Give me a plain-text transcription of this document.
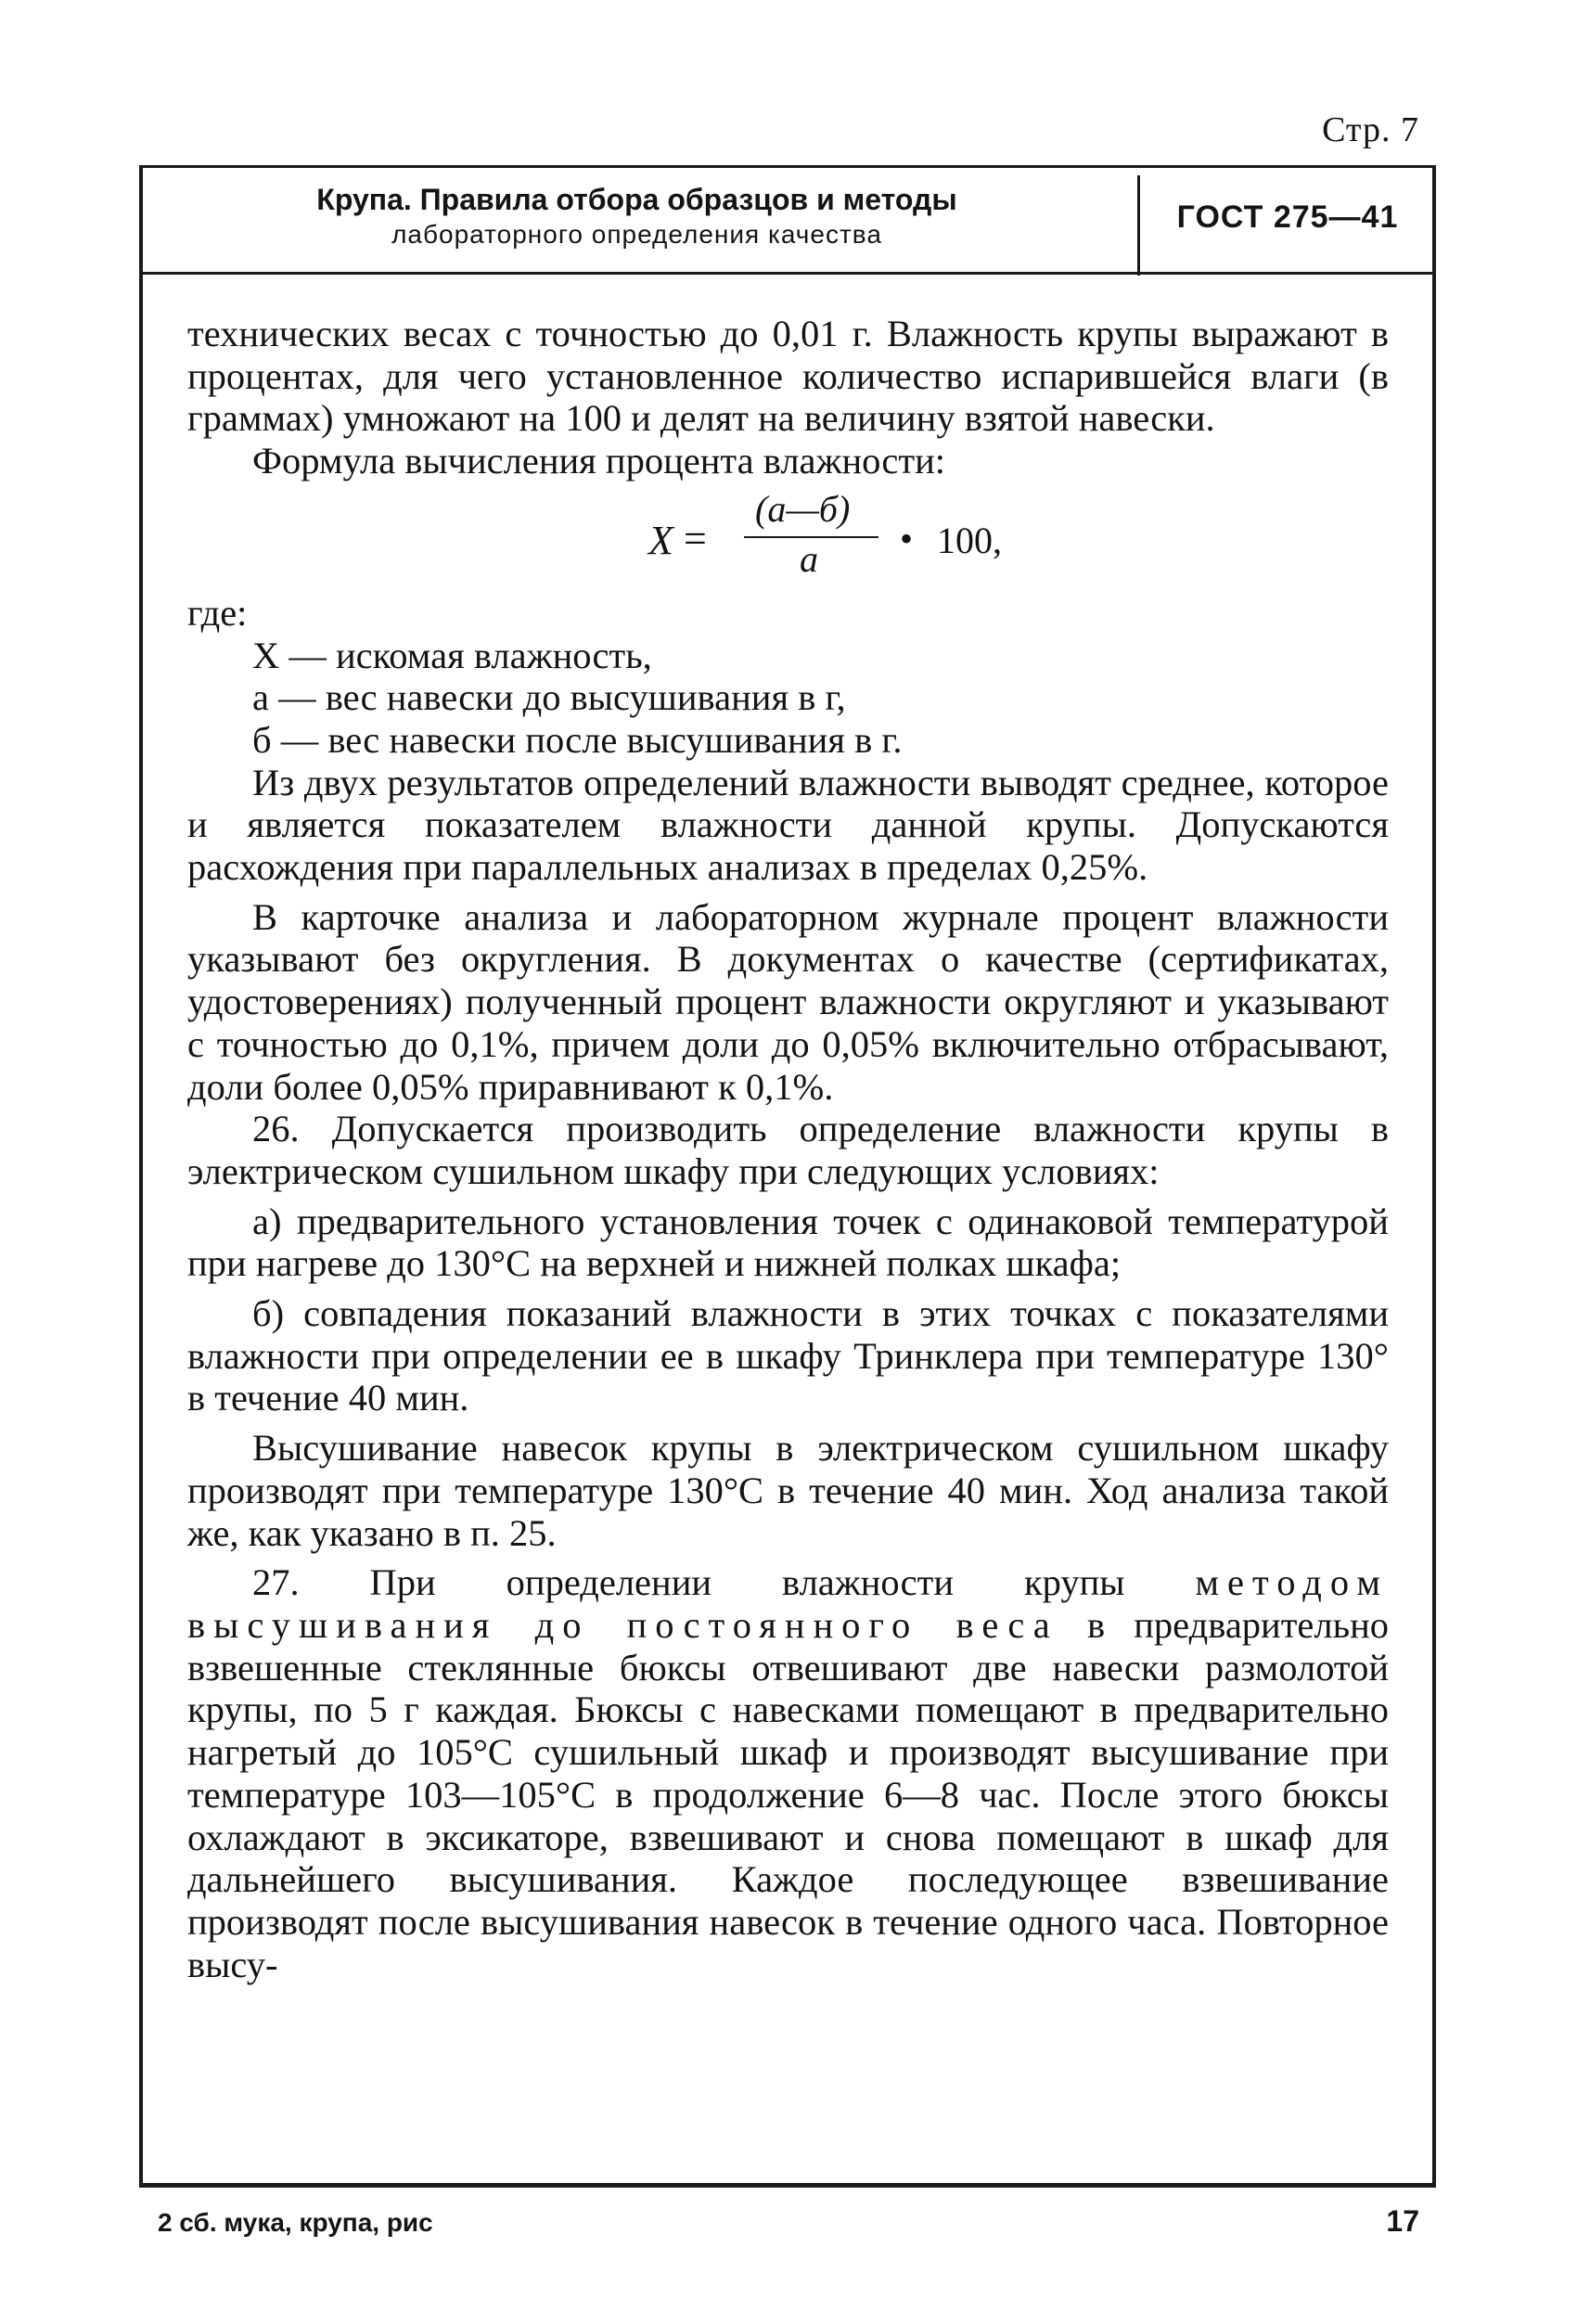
Стр. 7
Крупа. Правила отбора образцов и методы
лабораторного определения качества	ГОСТ 275—41

технических весах с точностью до 0,01 г. Влажность крупы выражают в процентах, для чего установленное количество испарившейся влаги (в граммах) умножают на 100 и делят на величину взятой навески.

Формула вычисления процента влажности:

X =
(а—б)
а • 100,

где:

X — искомая влажность,

а — вес навески до высушивания в г,

б — вес навески после высушивания в г.

Из двух результатов определений влажности выводят среднее, которое и является показателем влажности данной крупы. Допускаются расхождения при параллельных анализах в пределах 0,25%.

В карточке анализа и лабораторном журнале процент влажности указывают без округления. В документах о качестве (сертификатах, удостоверениях) полученный процент влажности округляют и указывают с точностью до 0,1%, причем доли до 0,05% включительно отбрасывают, доли более 0,05% приравнивают к 0,1%.

26. Допускается производить определение влажности крупы в электрическом сушильном шкафу при следующих условиях:

а) предварительного установления точек с одинаковой температурой при нагреве до 130°С на верхней и нижней полках шкафа;

б) совпадения показаний влажности в этих точках с показателями влажности при определении ее в шкафу Тринклера при температуре 130° в течение 40 мин.

Высушивание навесок крупы в электрическом сушильном шкафу производят при температуре 130°С в течение 40 мин. Ход анализа такой же, как указано в п. 25.

27. При определении влажности крупы методом высушивания до постоянного веса в предварительно взвешенные стеклянные бюксы отвешивают две навески размолотой крупы, по 5 г каждая. Бюксы с навесками помещают в предварительно нагретый до 105°С сушильный шкаф и производят высушивание при температуре 103—105°С в продолжение 6—8 час. После этого бюксы охлаждают в эксикаторе, взвешивают и снова помещают в шкаф для дальнейшего высушивания. Каждое последующее взвешивание производят после высушивания навесок в течение одного часа. Повторное высу-

2 сб. мука, крупа, рис	17
